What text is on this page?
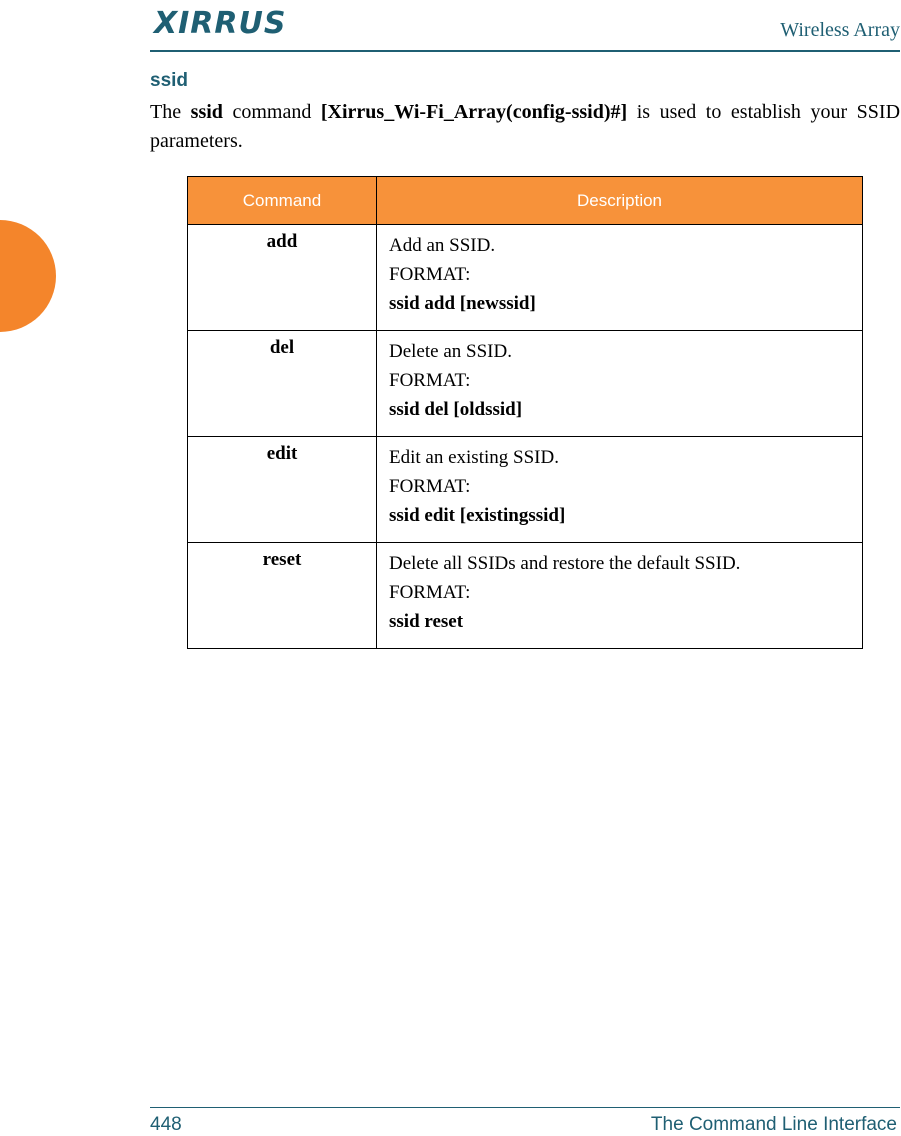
XIRRUS	Wireless Array
ssid
The ssid command [Xirrus_Wi-Fi_Array(config-ssid)#] is used to establish your SSID parameters.
Command	Description
add	Add an SSID.
FORMAT:
ssid add [newssid]

del	Delete an SSID.
FORMAT:
ssid del [oldssid]

edit	Edit an existing SSID.
FORMAT:
ssid edit [existingssid]

reset	Delete all SSIDs and restore the default SSID.
FORMAT:
ssid reset
448	The Command Line Interface
